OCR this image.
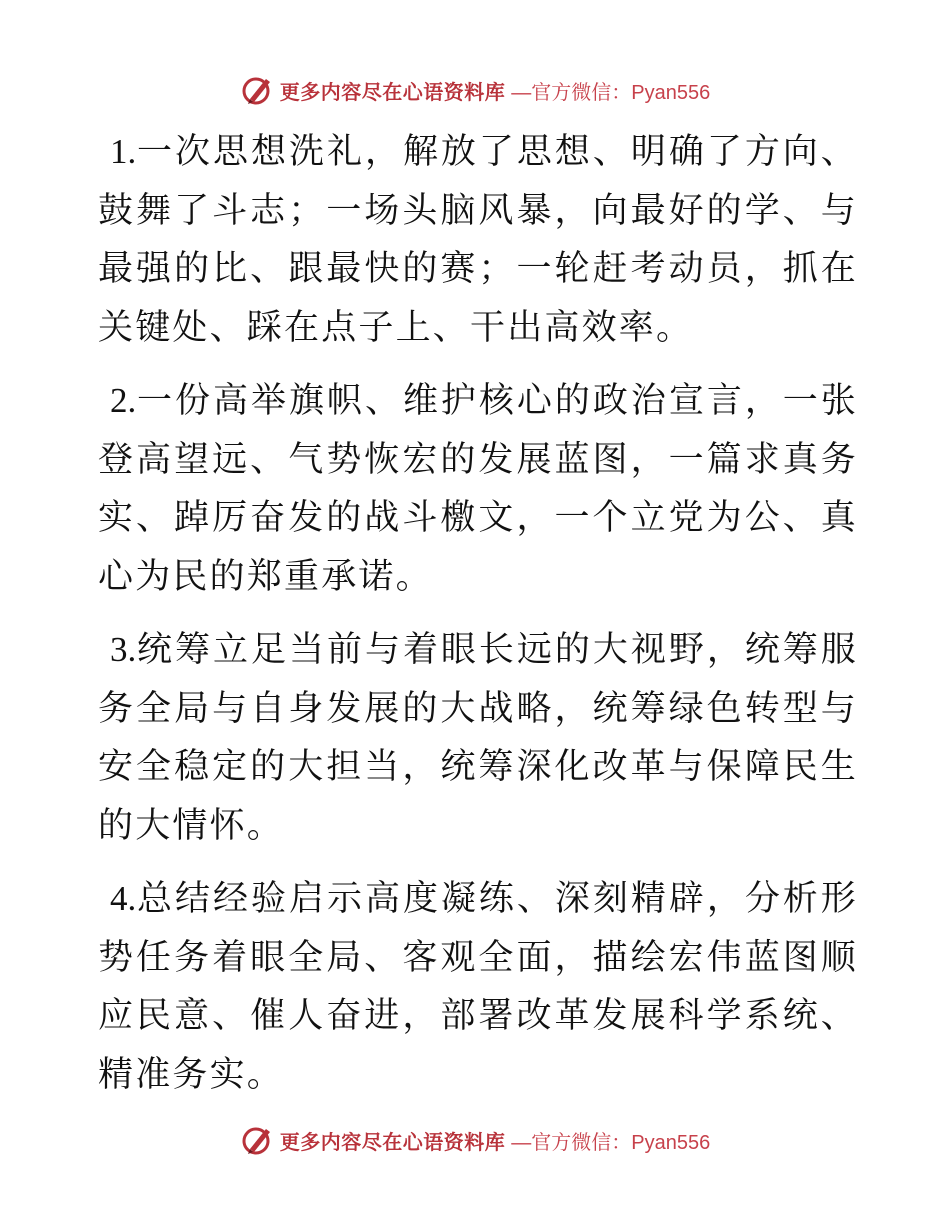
更多内容尽在心语资料库 —官方微信：Pyan556

1.一次思想洗礼，解放了思想、明确了方向、鼓舞了斗志；一场头脑风暴，向最好的学、与最强的比、跟最快的赛；一轮赶考动员，抓在关键处、踩在点子上、干出高效率。

2.一份高举旗帜、维护核心的政治宣言，一张登高望远、气势恢宏的发展蓝图，一篇求真务实、踔厉奋发的战斗檄文，一个立党为公、真心为民的郑重承诺。

3.统筹立足当前与着眼长远的大视野，统筹服务全局与自身发展的大战略，统筹绿色转型与安全稳定的大担当，统筹深化改革与保障民生的大情怀。

4.总结经验启示高度凝练、深刻精辟，分析形势任务着眼全局、客观全面，描绘宏伟蓝图顺应民意、催人奋进，部署改革发展科学系统、精准务实。

更多内容尽在心语资料库 —官方微信：Pyan556
